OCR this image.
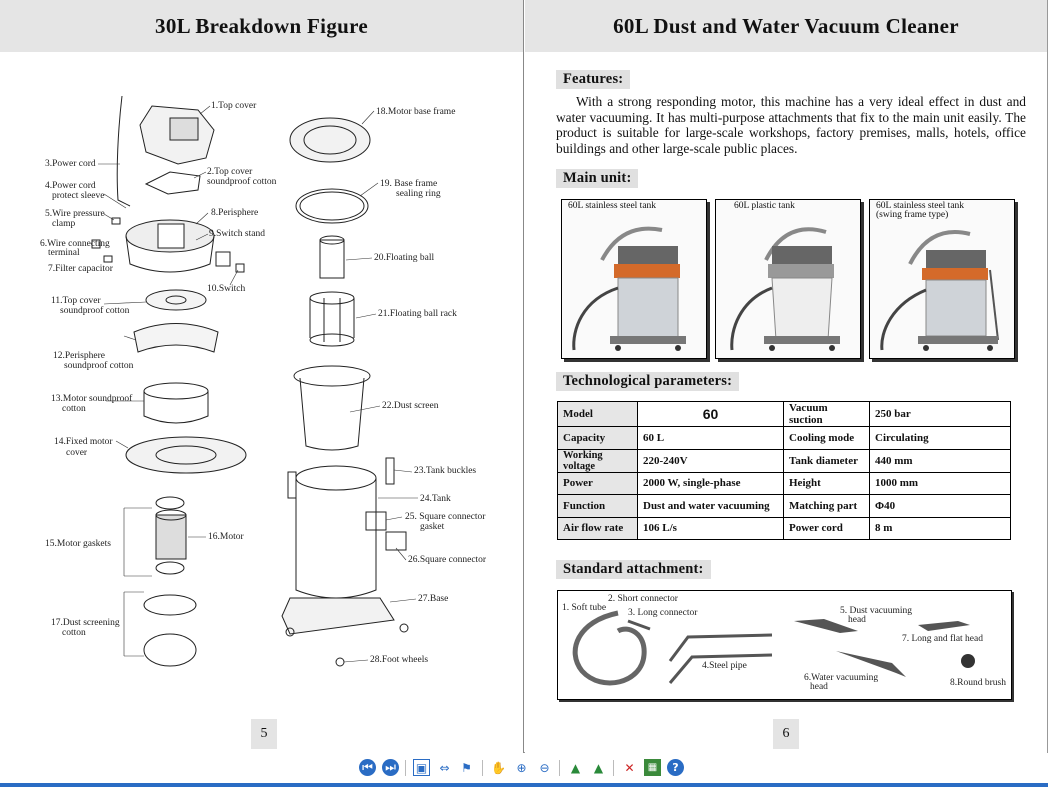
30L Breakdown Figure
1.Top cover
2.Top cover
soundproof cotton
3.Power cord
4.Power cord
protect sleeve
5.Wire pressure
clamp
6.Wire connecting
terminal
7.Filter capacitor
8.Perisphere
9.Switch stand
10.Switch
11.Top cover
soundproof cotton
12.Perisphere
soundproof cotton
13.Motor soundproof
cotton
14.Fixed motor
cover
15.Motor gaskets
16.Motor
17.Dust screening
cotton
18.Motor base frame
19. Base frame
sealing ring
20.Floating ball
21.Floating ball rack
22.Dust screen
23.Tank buckles
24.Tank
25. Square connector
gasket
26.Square connector
27.Base
28.Foot wheels
5
60L Dust and Water Vacuum Cleaner
Features:
With a strong responding motor, this machine has a very ideal effect in dust and water vacuuming. It has multi-purpose attachments that fix to the main unit easily. The product is suitable for large-scale workshops, factory premises, malls, hotels, office buildings and other large-scale public places.
Main unit:
60L stainless steel tank	60L plastic tank	60L stainless steel tank
(swing frame type)
Technological parameters:
Model	60	Vacuum suction	250 bar
Capacity	60 L	Cooling mode	Circulating
Working voltage	220-240V	Tank diameter	440 mm
Power	2000 W, single-phase	Height	1000 mm
Function	Dust and water vacuuming	Matching part	Φ40
Air flow rate	106 L/s	Power cord	8 m
Standard attachment:
1. Soft tube
2. Short connector
3. Long connector
4.Steel pipe
5. Dust vacuuming
head
6.Water vacuuming
head
7. Long and flat head
8.Round brush
6
⏮ ⏭ ▣ ⇔ ⚑ ✋ ⊕ ⊖	▲	▲	✕	▦	?
